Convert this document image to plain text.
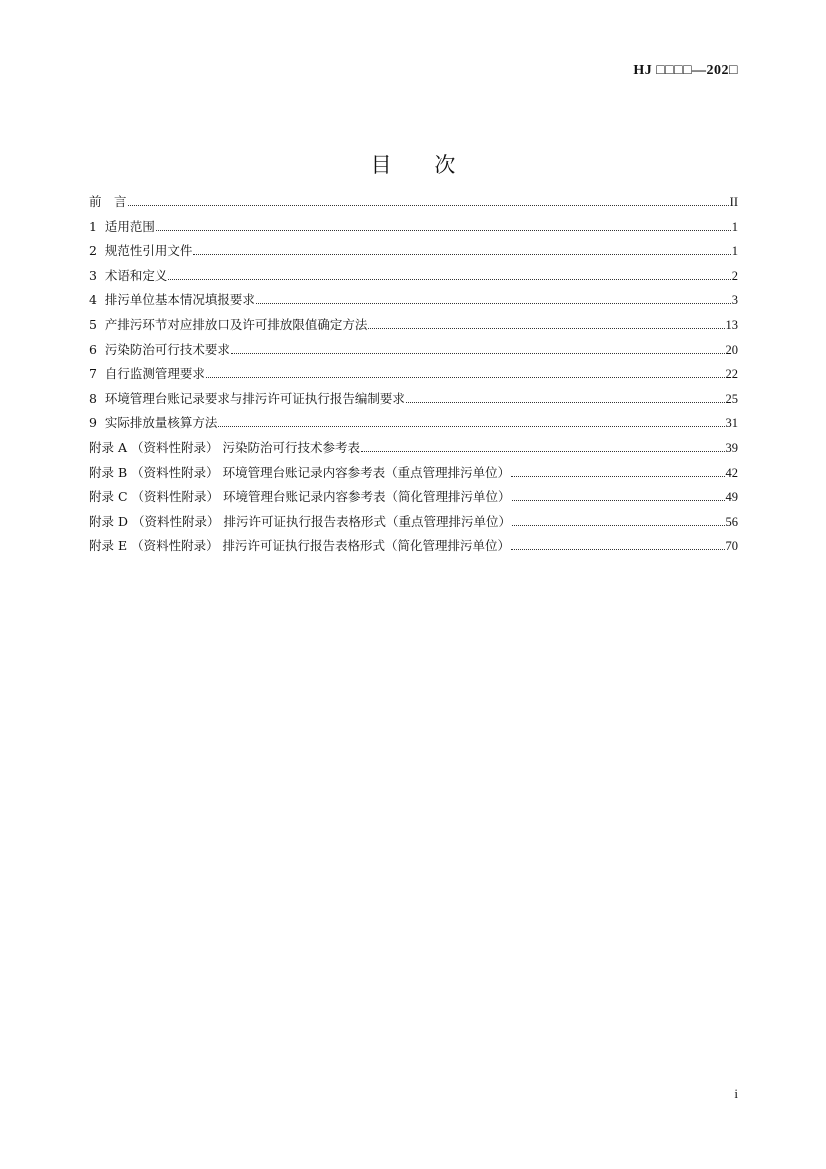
HJ □□□□—202□
目 次
前　言	II
1  适用范围	1
2  规范性引用文件	1
3  术语和定义	2
4  排污单位基本情况填报要求	3
5  产排污环节对应排放口及许可排放限值确定方法	13
6  污染防治可行技术要求	20
7  自行监测管理要求	22
8  环境管理台账记录要求与排污许可证执行报告编制要求	25
9  实际排放量核算方法	31
附录 A （资料性附录） 污染防治可行技术参考表	39
附录 B （资料性附录） 环境管理台账记录内容参考表（重点管理排污单位）	42
附录 C （资料性附录） 环境管理台账记录内容参考表（简化管理排污单位）	49
附录 D （资料性附录） 排污许可证执行报告表格形式（重点管理排污单位）	56
附录 E （资料性附录） 排污许可证执行报告表格形式（简化管理排污单位）	70
i
